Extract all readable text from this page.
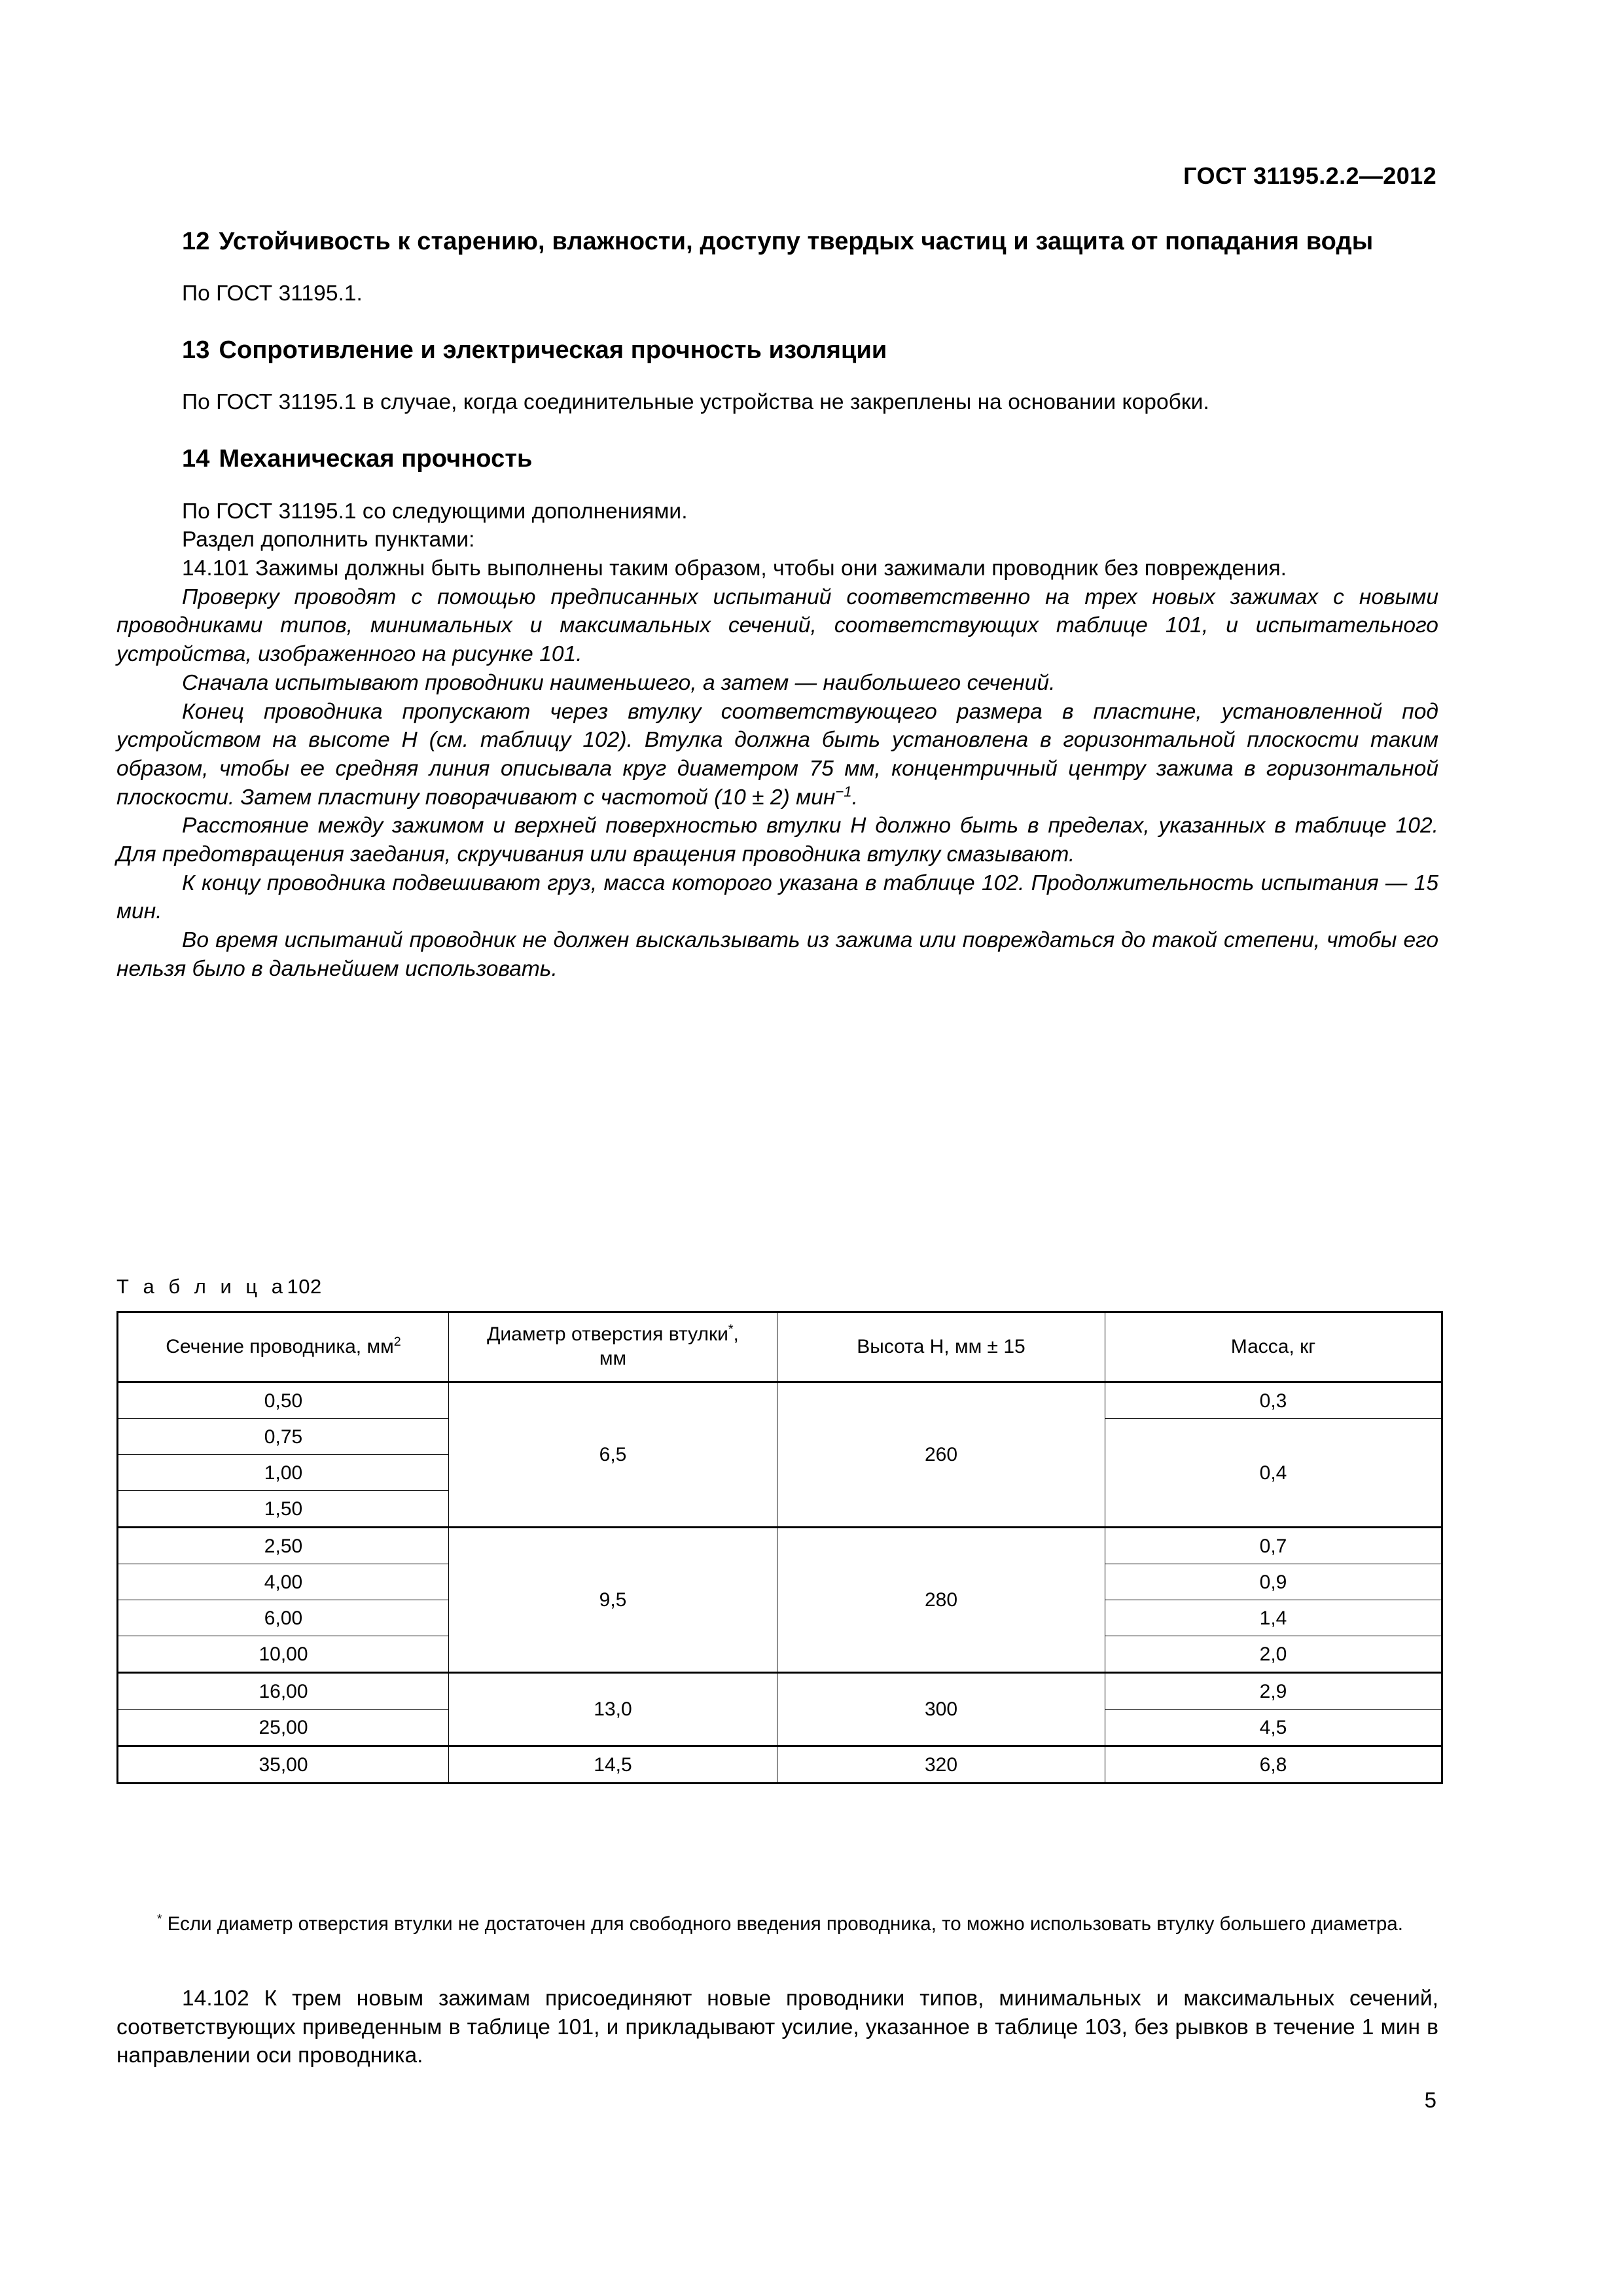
ГОСТ 31195.2.2—2012
12 Устойчивость к старению, влажности, доступу твердых частиц и защита от попадания воды

По ГОСТ 31195.1.

13 Сопротивление и электрическая прочность изоляции

По ГОСТ 31195.1 в случае, когда соединительные устройства не закреплены на основании коробки.

14 Механическая прочность

По ГОСТ 31195.1 со следующими дополнениями.

Раздел дополнить пунктами:

14.101 Зажимы должны быть выполнены таким образом, чтобы они зажимали проводник без повреждения.

Проверку проводят с помощью предписанных испытаний соответственно на трех новых зажимах с новыми проводниками типов, минимальных и максимальных сечений, соответствующих таблице 101, и испытательного устройства, изображенного на рисунке 101.

Сначала испытывают проводники наименьшего, а затем — наибольшего сечений.

Конец проводника пропускают через втулку соответствующего размера в пластине, установленной под устройством на высоте Н (см. таблицу 102). Втулка должна быть установлена в горизонтальной плоскости таким образом, чтобы ее средняя линия описывала круг диаметром 75 мм, концентричный центру зажима в горизонтальной плоскости. Затем пластину поворачивают с частотой (10 ± 2) мин$^{-1}$.

Расстояние между зажимом и верхней поверхностью втулки Н должно быть в пределах, указанных в таблице 102. Для предотвращения заедания, скручивания или вращения проводника втулку смазывают.

К концу проводника подвешивают груз, масса которого указана в таблице 102. Продолжительность испытания — 15 мин.

Во время испытаний проводник не должен выскальзывать из зажима или повреждаться до такой степени, чтобы его нельзя было в дальнейшем использовать.

Т а б л и ц а102
Сечение проводника, $мм^2$	Диаметр отверстия втулки*,
мм	Высота H, мм ± 15	Масса, кг
0,50	6,5	260	0,3
0,75			0,4
1,00			
1,50			
2,50	9,5	280	0,7
4,00			0,9
6,00			1,4
10,00			2,0
16,00	13,0	300	2,9
25,00			4,5
35,00	14,5	320	6,8
* Если диаметр отверстия втулки не достаточен для свободного введения проводника, то можно использовать втулку большего диаметра.

14.102 К трем новым зажимам присоединяют новые проводники типов, минимальных и максимальных сечений, соответствующих приведенным в таблице 101, и прикладывают усилие, указанное в таблице 103, без рывков в течение 1 мин в направлении оси проводника.

5
